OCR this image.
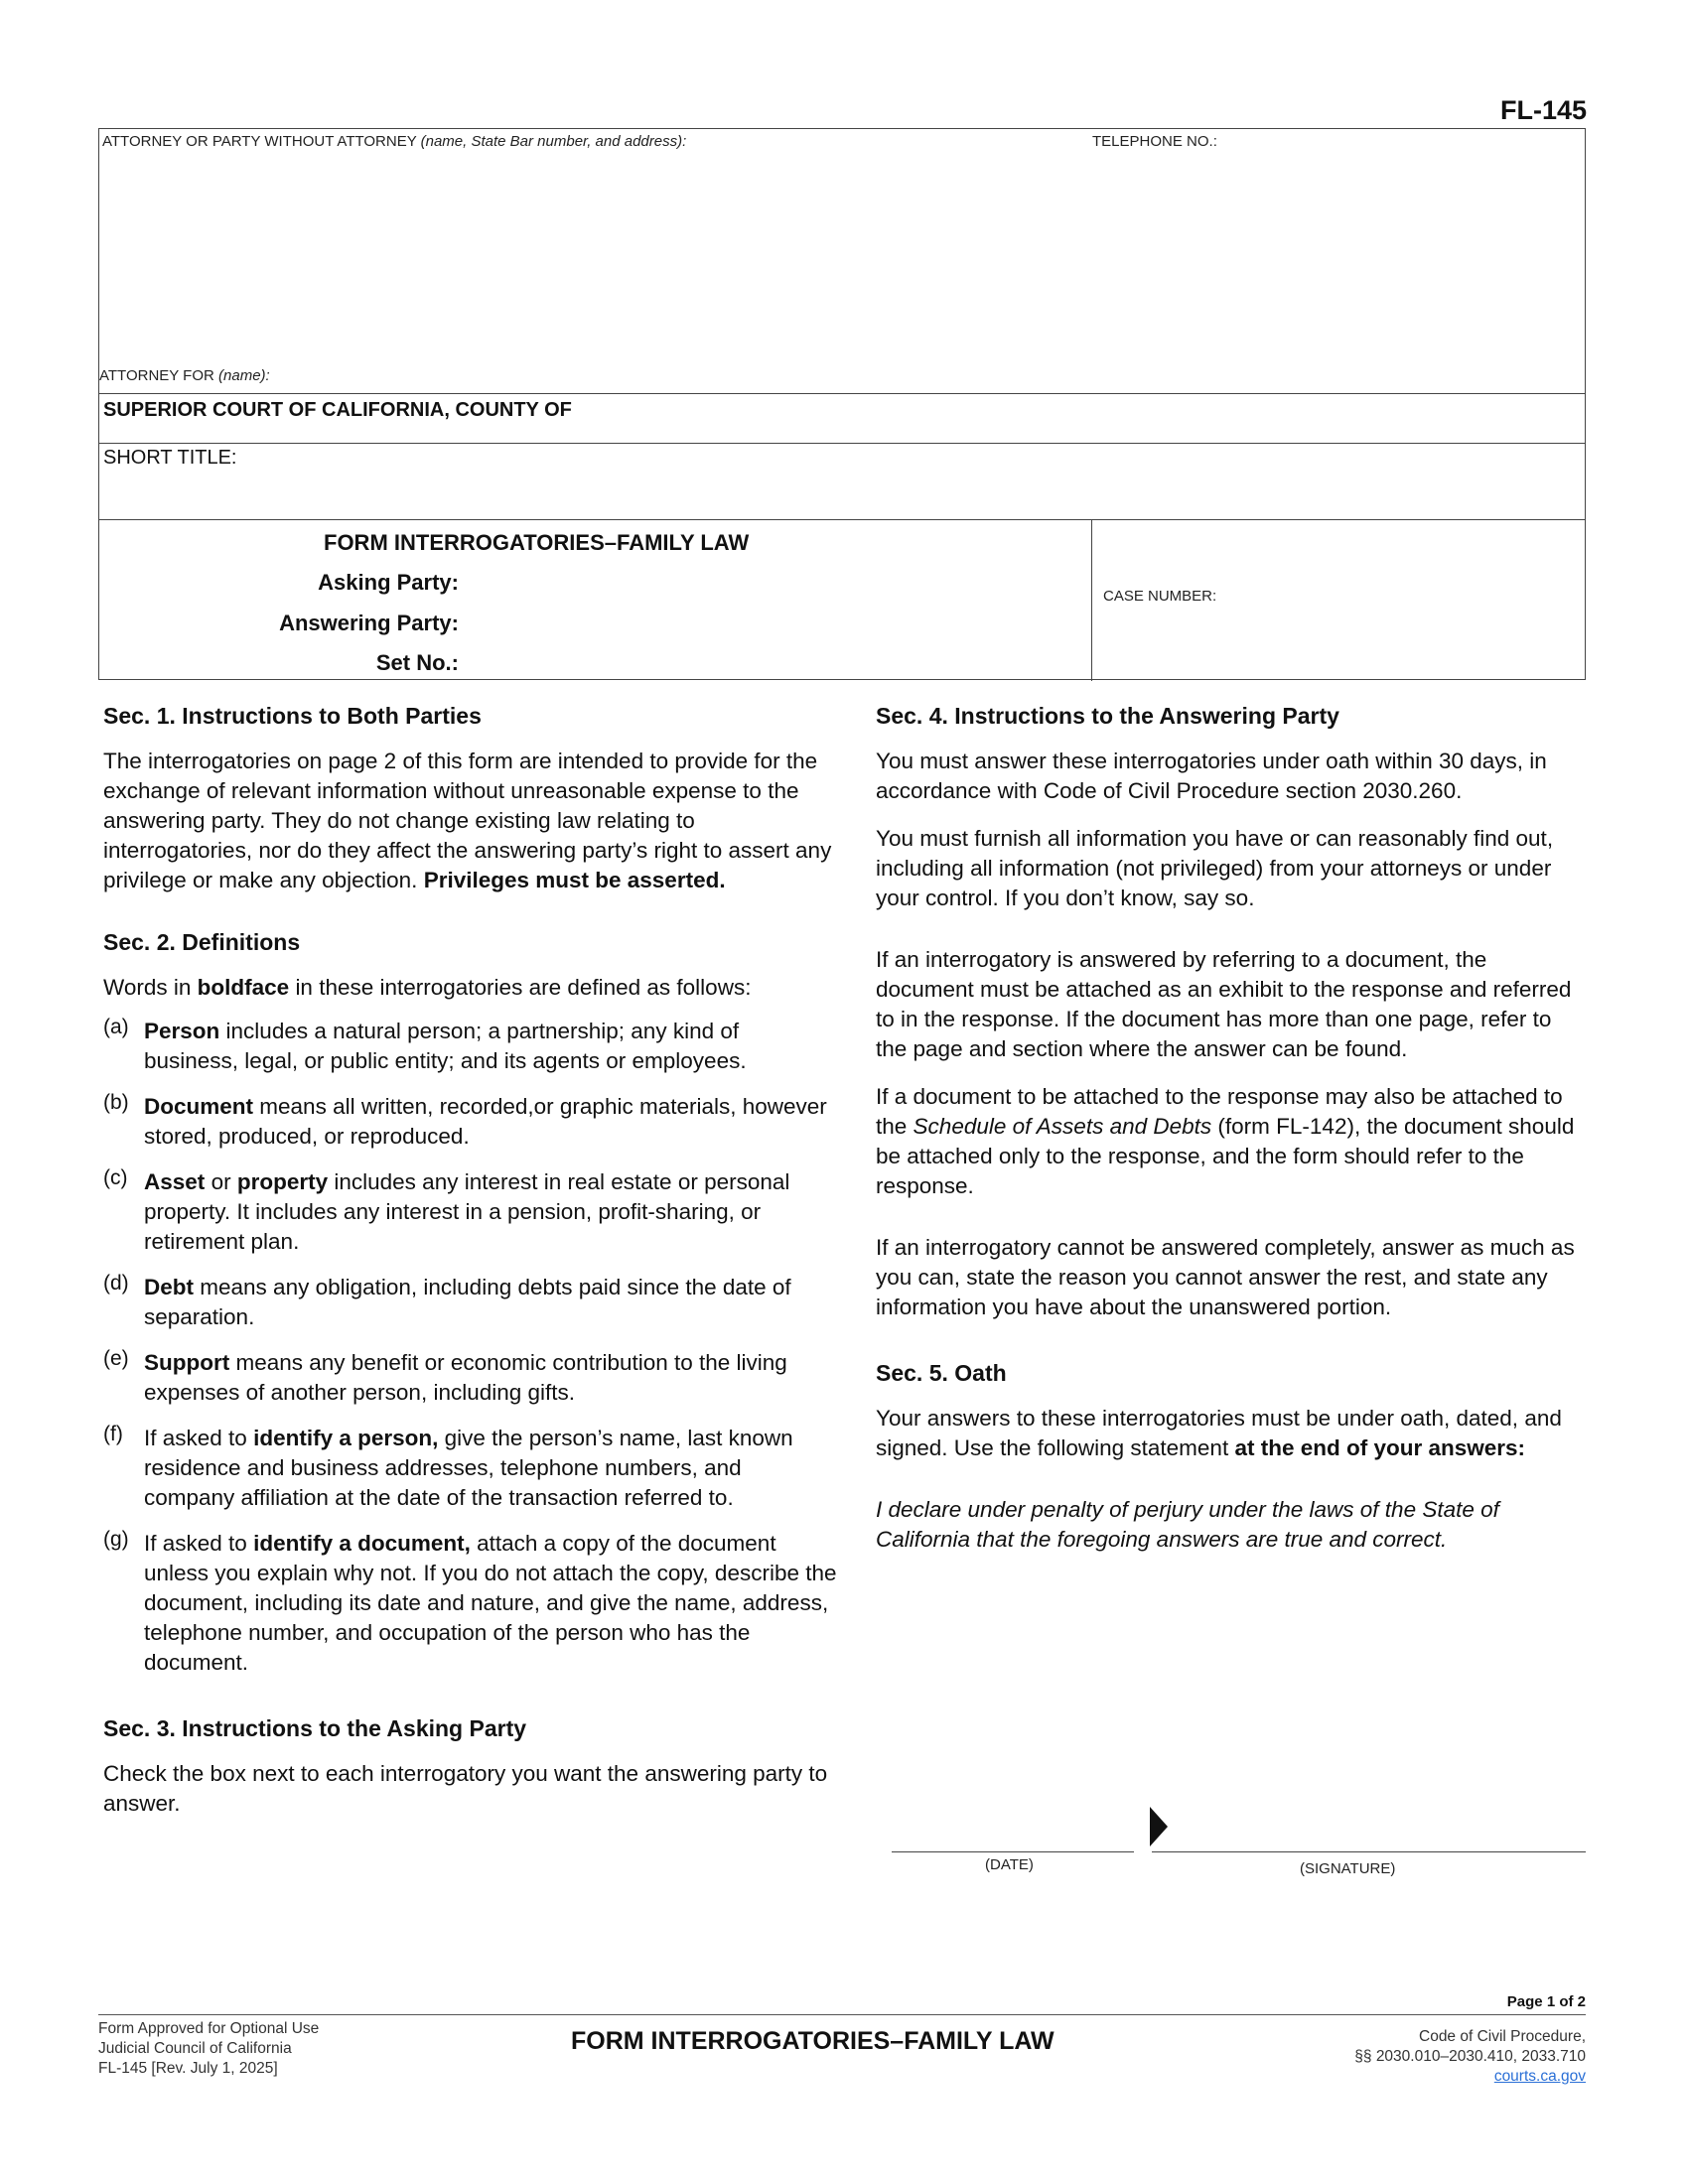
FL-145
ATTORNEY OR PARTY WITHOUT ATTORNEY (name, State Bar number, and address):	TELEPHONE NO.:
ATTORNEY FOR (name):
SUPERIOR COURT OF CALIFORNIA, COUNTY OF
SHORT TITLE:
FORM INTERROGATORIES–FAMILY LAW
Asking Party:
Answering Party:
Set No.:
CASE NUMBER:
Sec. 1. Instructions to Both Parties

The interrogatories on page 2 of this form are intended to provide for the exchange of relevant information without unreasonable expense to the answering party. They do not change existing law relating to interrogatories, nor do they affect the answering party’s right to assert any privilege or make any objection. Privileges must be asserted.

Sec. 2. Definitions

Words in boldface in these interrogatories are defined as follows:

(a) Person includes a natural person; a partnership; any kind of business, legal, or public entity; and its agents or employees.
(b) Document means all written, recorded,or graphic materials, however stored, produced, or reproduced.
(c) Asset or property includes any interest in real estate or personal property. It includes any interest in a pension, profit-sharing, or retirement plan.
(d) Debt means any obligation, including debts paid since the date of separation.
(e) Support means any benefit or economic contribution to the living expenses of another person, including gifts.
(f) If asked to identify a person, give the person’s name, last known residence and business addresses, telephone numbers, and company affiliation at the date of the transaction referred to.
(g) If asked to identify a document, attach a copy of the document unless you explain why not. If you do not attach the copy, describe the document, including its date and nature, and give the name, address, telephone number, and occupation of the person who has the document.
Sec. 3. Instructions to the Asking Party

Check the box next to each interrogatory you want the answering party to answer.

Sec. 4. Instructions to the Answering Party

You must answer these interrogatories under oath within 30 days, in accordance with Code of Civil Procedure section 2030.260.

You must furnish all information you have or can reasonably find out, including all information (not privileged) from your attorneys or under your control. If you don’t know, say so.

If an interrogatory is answered by referring to a document, the document must be attached as an exhibit to the response and referred to in the response. If the document has more than one page, refer to the page and section where the answer can be found.

If a document to be attached to the response may also be attached to the Schedule of Assets and Debts (form FL-142), the document should be attached only to the response, and the form should refer to the response.

If an interrogatory cannot be answered completely, answer as much as you can, state the reason you cannot answer the rest, and state any information you have about the unanswered portion.

Sec. 5. Oath

Your answers to these interrogatories must be under oath, dated, and signed. Use the following statement at the end of your answers:

I declare under penalty of perjury under the laws of the State of California that the foregoing answers are true and correct.

(DATE)	(SIGNATURE)
Page 1 of 2
Form Approved for Optional Use
Judicial Council of California
FL-145 [Rev. July 1, 2025]
FORM INTERROGATORIES–FAMILY LAW	Code of Civil Procedure,
§§ 2030.010–2030.410, 2033.710
courts.ca.gov
